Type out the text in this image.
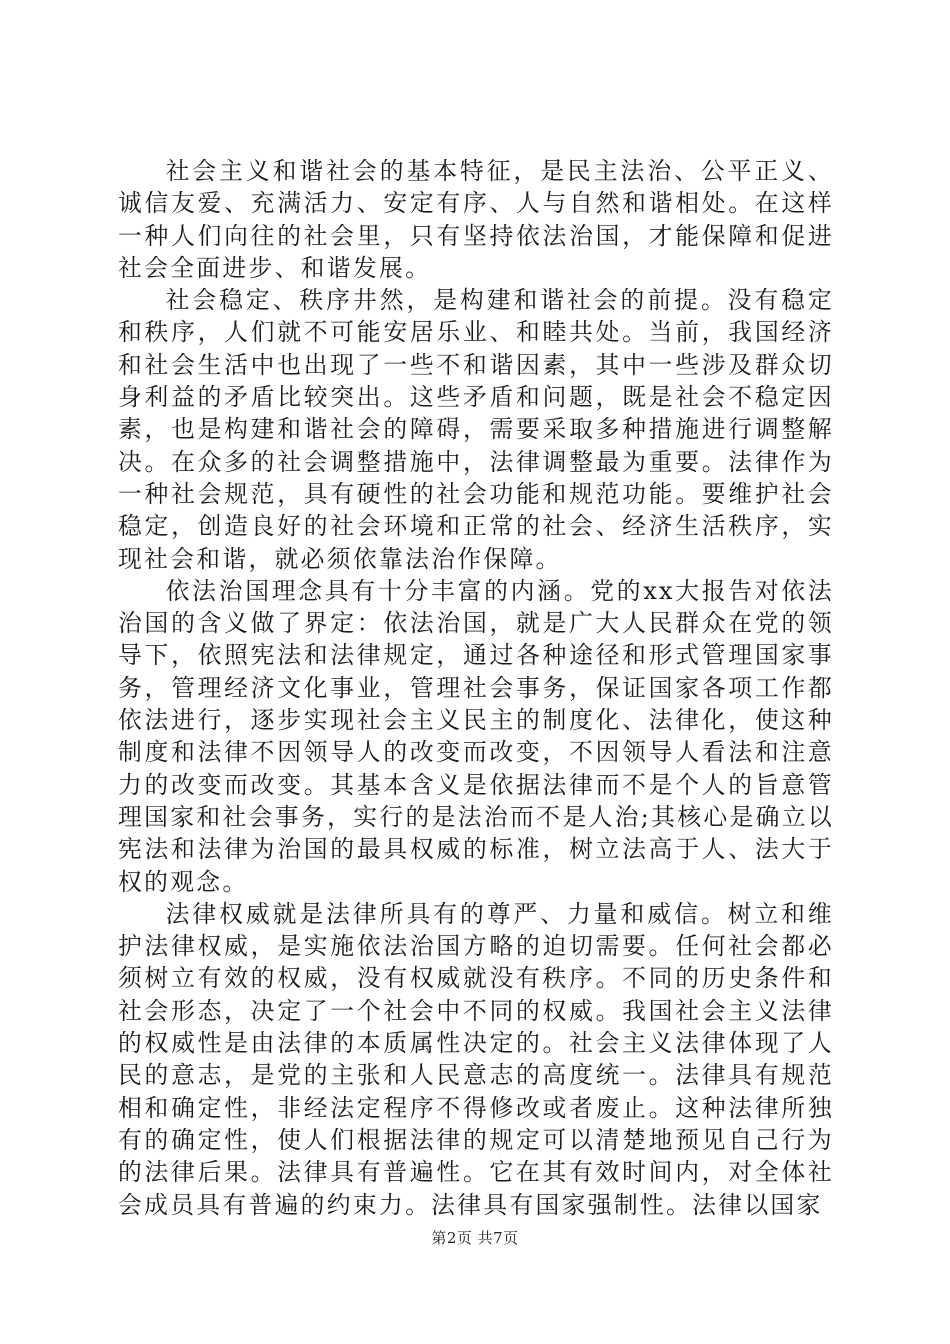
社会主义和谐社会的基本特征，是民主法治、公平正义、诚信友爱、充满活力、安定有序、人与自然和谐相处。在这样一种人们向往的社会里，只有坚持依法治国，才能保障和促进社会全面进步、和谐发展。

社会稳定、秩序井然，是构建和谐社会的前提。没有稳定和秩序，人们就不可能安居乐业、和睦共处。当前，我国经济和社会生活中也出现了一些不和谐因素，其中一些涉及群众切身利益的矛盾比较突出。这些矛盾和问题，既是社会不稳定因素，也是构建和谐社会的障碍，需要采取多种措施进行调整解决。在众多的社会调整措施中，法律调整最为重要。法律作为一种社会规范，具有硬性的社会功能和规范功能。要维护社会稳定，创造良好的社会环境和正常的社会、经济生活秩序，实现社会和谐，就必须依靠法治作保障。

依法治国理念具有十分丰富的内涵。党的xx大报告对依法治国的含义做了界定：依法治国，就是广大人民群众在党的领导下，依照宪法和法律规定，通过各种途径和形式管理国家事务，管理经济文化事业，管理社会事务，保证国家各项工作都依法进行，逐步实现社会主义民主的制度化、法律化，使这种制度和法律不因领导人的改变而改变，不因领导人看法和注意力的改变而改变。其基本含义是依据法律而不是个人的旨意管理国家和社会事务，实行的是法治而不是人治;其核心是确立以宪法和法律为治国的最具权威的标准，树立法高于人、法大于权的观念。

法律权威就是法律所具有的尊严、力量和威信。树立和维护法律权威，是实施依法治国方略的迫切需要。任何社会都必须树立有效的权威，没有权威就没有秩序。不同的历史条件和社会形态，决定了一个社会中不同的权威。我国社会主义法律的权威性是由法律的本质属性决定的。社会主义法律体现了人民的意志，是党的主张和人民意志的高度统一。法律具有规范相和确定性，非经法定程序不得修改或者废止。这种法律所独有的确定性，使人们根据法律的规定可以清楚地预见自己行为的法律后果。法律具有普遍性。它在其有效时间内，对全体社会成员具有普遍的约束力。法律具有国家强制性。法律以国家

第2页 共7页
